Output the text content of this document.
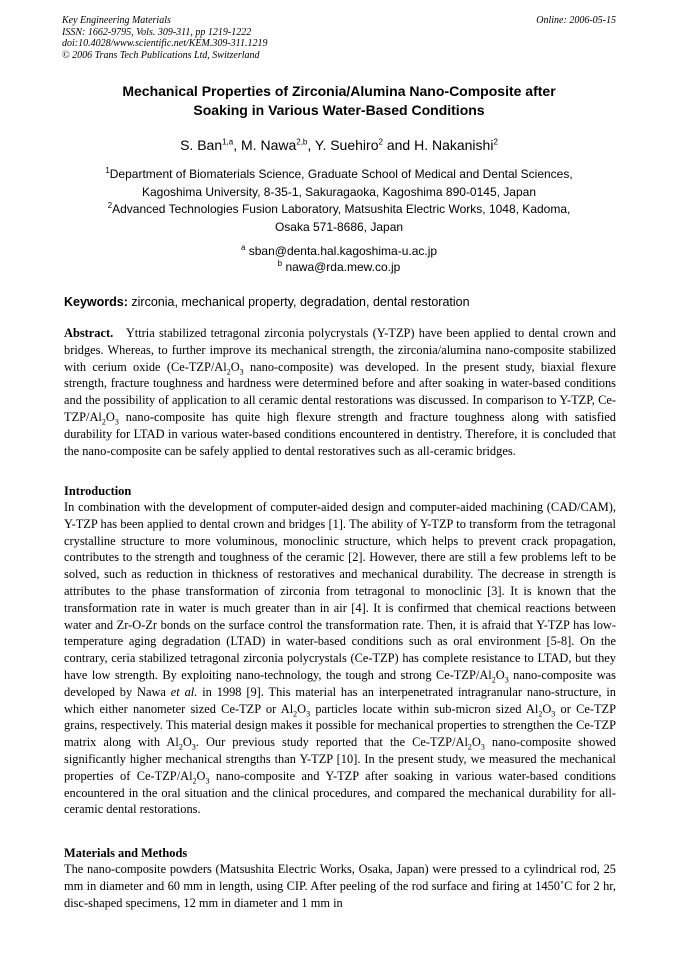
Key Engineering Materials
ISSN: 1662-9795, Vols. 309-311, pp 1219-1222
doi:10.4028/www.scientific.net/KEM.309-311.1219
© 2006 Trans Tech Publications Ltd, Switzerland
Online: 2006-05-15
Mechanical Properties of Zirconia/Alumina Nano-Composite after
Soaking in Various Water-Based Conditions
S. Ban$^{1,a}$, M. Nawa$^{2,b}$, Y. Suehiro$^2$ and H. Nakanishi$^2$
$^1$Department of Biomaterials Science, Graduate School of Medical and Dental Sciences,
Kagoshima University, 8-35-1, Sakuragaoka, Kagoshima 890-0145, Japan
$^2$Advanced Technologies Fusion Laboratory, Matsushita Electric Works, 1048, Kadoma,
Osaka 571-8686, Japan
$^a$ sban@denta.hal.kagoshima-u.ac.jp
$^b$ nawa@rda.mew.co.jp
Keywords: zirconia, mechanical property, degradation, dental restoration
Abstract. Yttria stabilized tetragonal zirconia polycrystals (Y-TZP) have been applied to dental crown and bridges. Whereas, to further improve its mechanical strength, the zirconia/alumina nano-composite stabilized with cerium oxide ($Ce-TZP/Al_2O_3$ nano-composite) was developed. In the present study, biaxial flexure strength, fracture toughness and hardness were determined before and after soaking in water-based conditions and the possibility of application to all ceramic dental restorations was discussed. In comparison to Y-TZP, $Ce-TZP/Al_2O_3$ nano-composite has quite high flexure strength and fracture toughness along with satisfied durability for LTAD in various water-based conditions encountered in dentistry. Therefore, it is concluded that the nano-composite can be safely applied to dental restoratives such as all-ceramic bridges.
Introduction
In combination with the development of computer-aided design and computer-aided machining (CAD/CAM), Y-TZP has been applied to dental crown and bridges [1]. The ability of Y-TZP to transform from the tetragonal crystalline structure to more voluminous, monoclinic structure, which helps to prevent crack propagation, contributes to the strength and toughness of the ceramic [2]. However, there are still a few problems left to be solved, such as reduction in thickness of restoratives and mechanical durability. The decrease in strength is attributes to the phase transformation of zirconia from tetragonal to monoclinic [3]. It is known that the transformation rate in water is much greater than in air [4]. It is confirmed that chemical reactions between water and Zr-O-Zr bonds on the surface control the transformation rate. Then, it is afraid that Y-TZP has low-temperature aging degradation (LTAD) in water-based conditions such as oral environment [5-8]. On the contrary, ceria stabilized tetragonal zirconia polycrystals (Ce-TZP) has complete resistance to LTAD, but they have low strength. By exploiting nano-technology, the tough and strong $Ce-TZP/Al_2O_3$ nano-composite was developed by Nawa et al. in 1998 [9]. This material has an interpenetrated intragranular nano-structure, in which either nanometer sized Ce-TZP or $Al_2O_3$ particles locate within sub-micron sized $Al_2O_3$ or Ce-TZP grains, respectively. This material design makes it possible for mechanical properties to strengthen the Ce-TZP matrix along with $Al_2O_3$. Our previous study reported that the $Ce-TZP/Al_2O_3$ nano-composite showed significantly higher mechanical strengths than Y-TZP [10]. In the present study, we measured the mechanical properties of $Ce-TZP/Al_2O_3$ nano-composite and Y-TZP after soaking in various water-based conditions encountered in the oral situation and the clinical procedures, and compared the mechanical durability for all-ceramic dental restorations.
Materials and Methods
The nano-composite powders (Matsushita Electric Works, Osaka, Japan) were pressed to a cylindrical rod, 25 mm in diameter and 60 mm in length, using CIP. After peeling of the rod surface and firing at 1450˚C for 2 hr, disc-shaped specimens, 12 mm in diameter and 1 mm in
